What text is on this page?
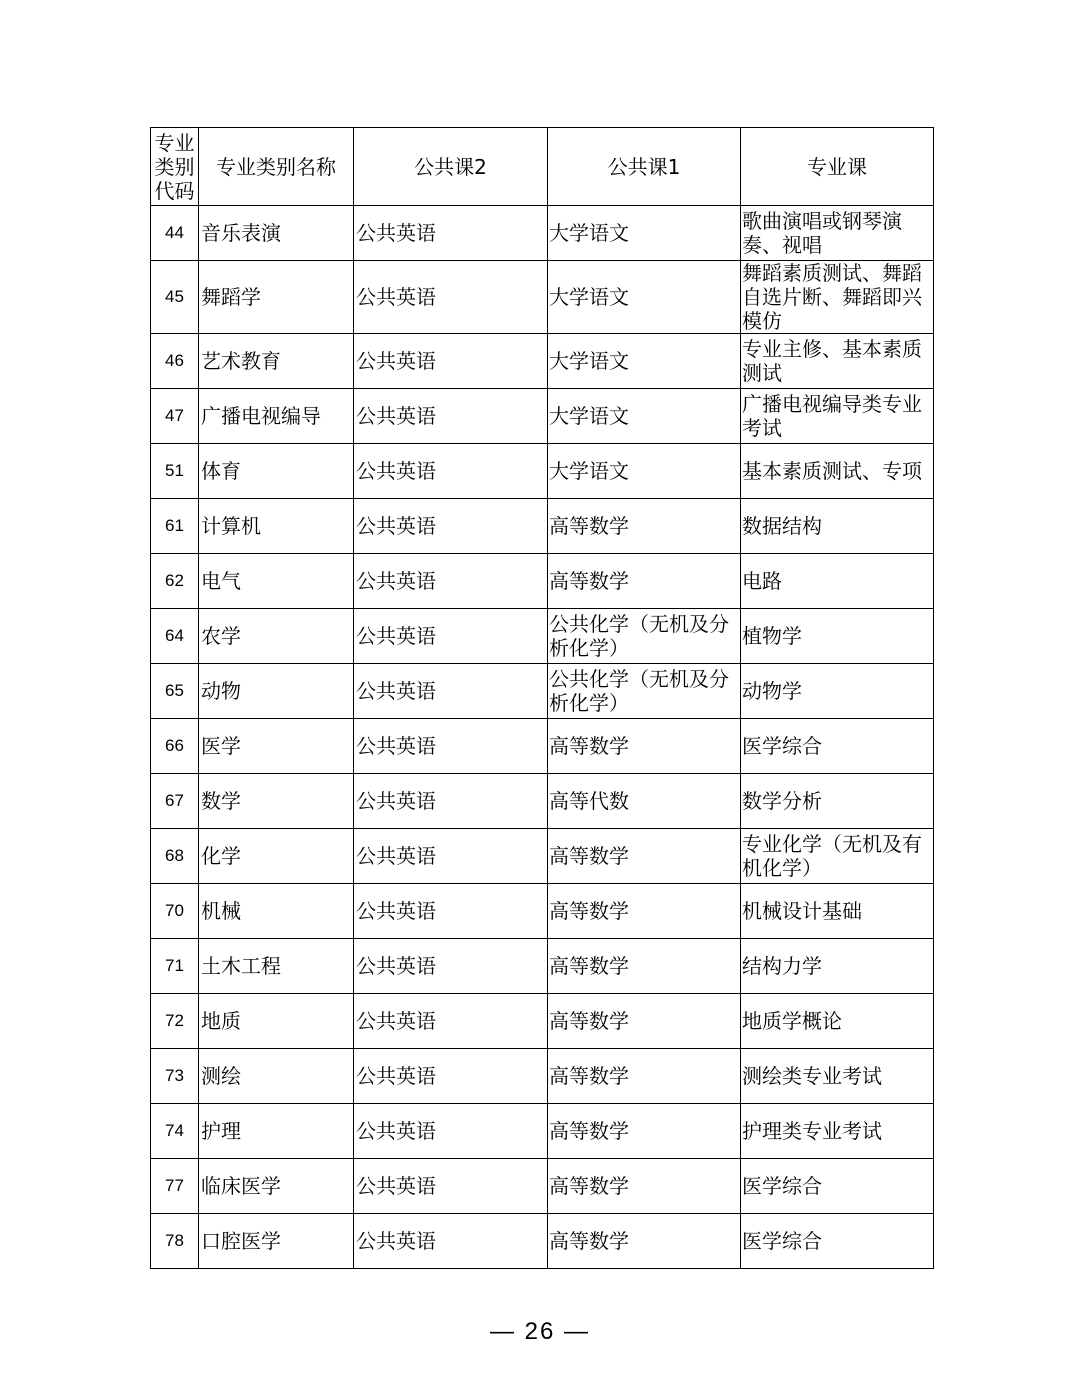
专业类别代码	专业类别名称	公共课2	公共课1	专业课

44	音乐表演	公共英语	大学语文	歌曲演唱或钢琴演奏、视唱

45	舞蹈学	公共英语	大学语文	舞蹈素质测试、舞蹈自选片断、舞蹈即兴模仿

46	艺术教育	公共英语	大学语文	专业主修、基本素质测试

47	广播电视编导	公共英语	大学语文	广播电视编导类专业考试

51	体育	公共英语	大学语文	基本素质测试、专项

61	计算机	公共英语	高等数学	数据结构

62	电气	公共英语	高等数学	电路

64	农学	公共英语	公共化学（无机及分析化学）	植物学

65	动物	公共英语	公共化学（无机及分析化学）	动物学

66	医学	公共英语	高等数学	医学综合

67	数学	公共英语	高等代数	数学分析

68	化学	公共英语	高等数学	专业化学（无机及有机化学）

70	机械	公共英语	高等数学	机械设计基础

71	土木工程	公共英语	高等数学	结构力学

72	地质	公共英语	高等数学	地质学概论

73	测绘	公共英语	高等数学	测绘类专业考试

74	护理	公共英语	高等数学	护理类专业考试

77	临床医学	公共英语	高等数学	医学综合

78	口腔医学	公共英语	高等数学	医学综合
— 26 —
